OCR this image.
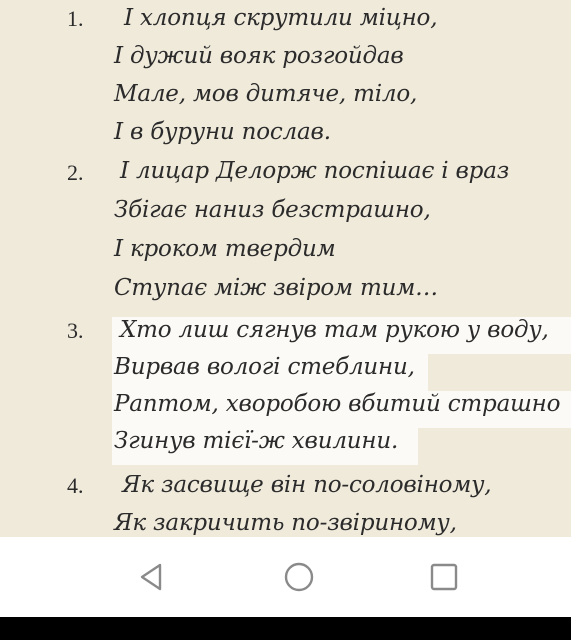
1. І хлопця скрутили міцно,
І дужий вояк розгойдав
Мале, мов дитяче, тіло,
І в буруни послав.
2. І лицар Делорж поспішає і враз
Збігає наниз безстрашно,
І кроком твердим
Ступає між звіром тим…
3. Хто лиш сягнув там рукою у воду,
Вирвав вологі стеблини,
Раптом, хворобою вбитий страшно
Згинув тієї-ж хвилини.
4. Як засвище він по-соловіному,
Як закричить по-звіриному,
